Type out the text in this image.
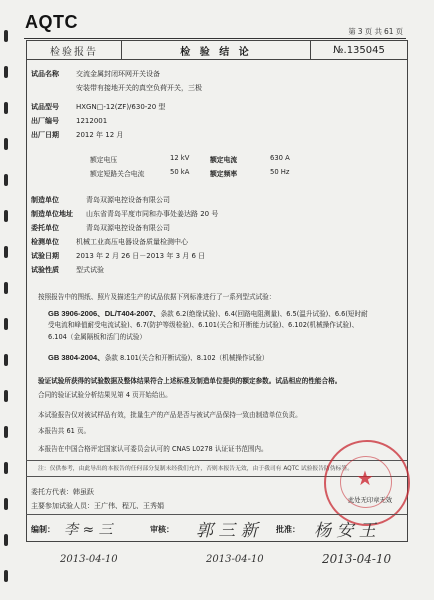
AQTC	第 3 页 共 61 页
检验报告	检 验 结 论	№.135045
试品名称 交流金属封闭环网开关设备
安装带有接地开关的真空负荷开关，三极
试品型号 HXGN□-12(ZF)/630-20 型
出厂编号 1212001
出厂日期 2012 年 12 月
额定电压	12 kV	额定电流	630 A
额定短路关合电流	50 kA	额定频率	50 Hz
制造单位	青岛双源电控设备有限公司
制造单位地址 山东省青岛平度市同和办事处姜达路 20 号
委托单位	青岛双源电控设备有限公司
检测单位 机械工业高压电器设备质量检测中心
试验日期 2013 年 2 月 26 日－2013 年 3 月 6 日
试验性质 型式试验
按照报告中的图纸、照片及描述生产的试品依据下列标准进行了一系列型式试验：
GB 3906-2006、DL/T404-2007、条款 6.2(绝缘试验)、6.4(回路电阻测量)、6.5(温升试验)、6.6(短时耐
受电流和峰值耐受电流试验)、6.7(防护等级检验)、6.101(关合和开断能力试验)、6.102(机械操作试验)、
6.104（金属隔板和活门的试验）
GB 3804-2004、条款 8.101(关合和开断试验)、8.102（机械操作试验）
验证试验所获得的试验数据及整体结果符合上述标准及制造单位提供的额定参数。试品相应的性能合格。
合同的验证试验分析结果见第 4 页开始给出。
本试验报告仅对被试样品有效，批量生产的产品是否与被试产品保持一致由制造单位负责。
本报告共 61 页。
本报告在中国合格评定国家认可委员会认可的 CNAS L0278 认证证书范围内。
注：仅供参考，由此导出的本报告的任何部分复制未经我们允许，否则本报告无效，由于我司有 AQTC 试验报告防伪标签。
委托方代表：韩虽跃
主要参加试验人员：王广伟、程兀、王秀娟
此处无印章无效
★
编制： 李 ≈ 三	审核： 郭 三 新 批准： 杨 安 王
2013-04-10	2013-04-10	2013-04-10
